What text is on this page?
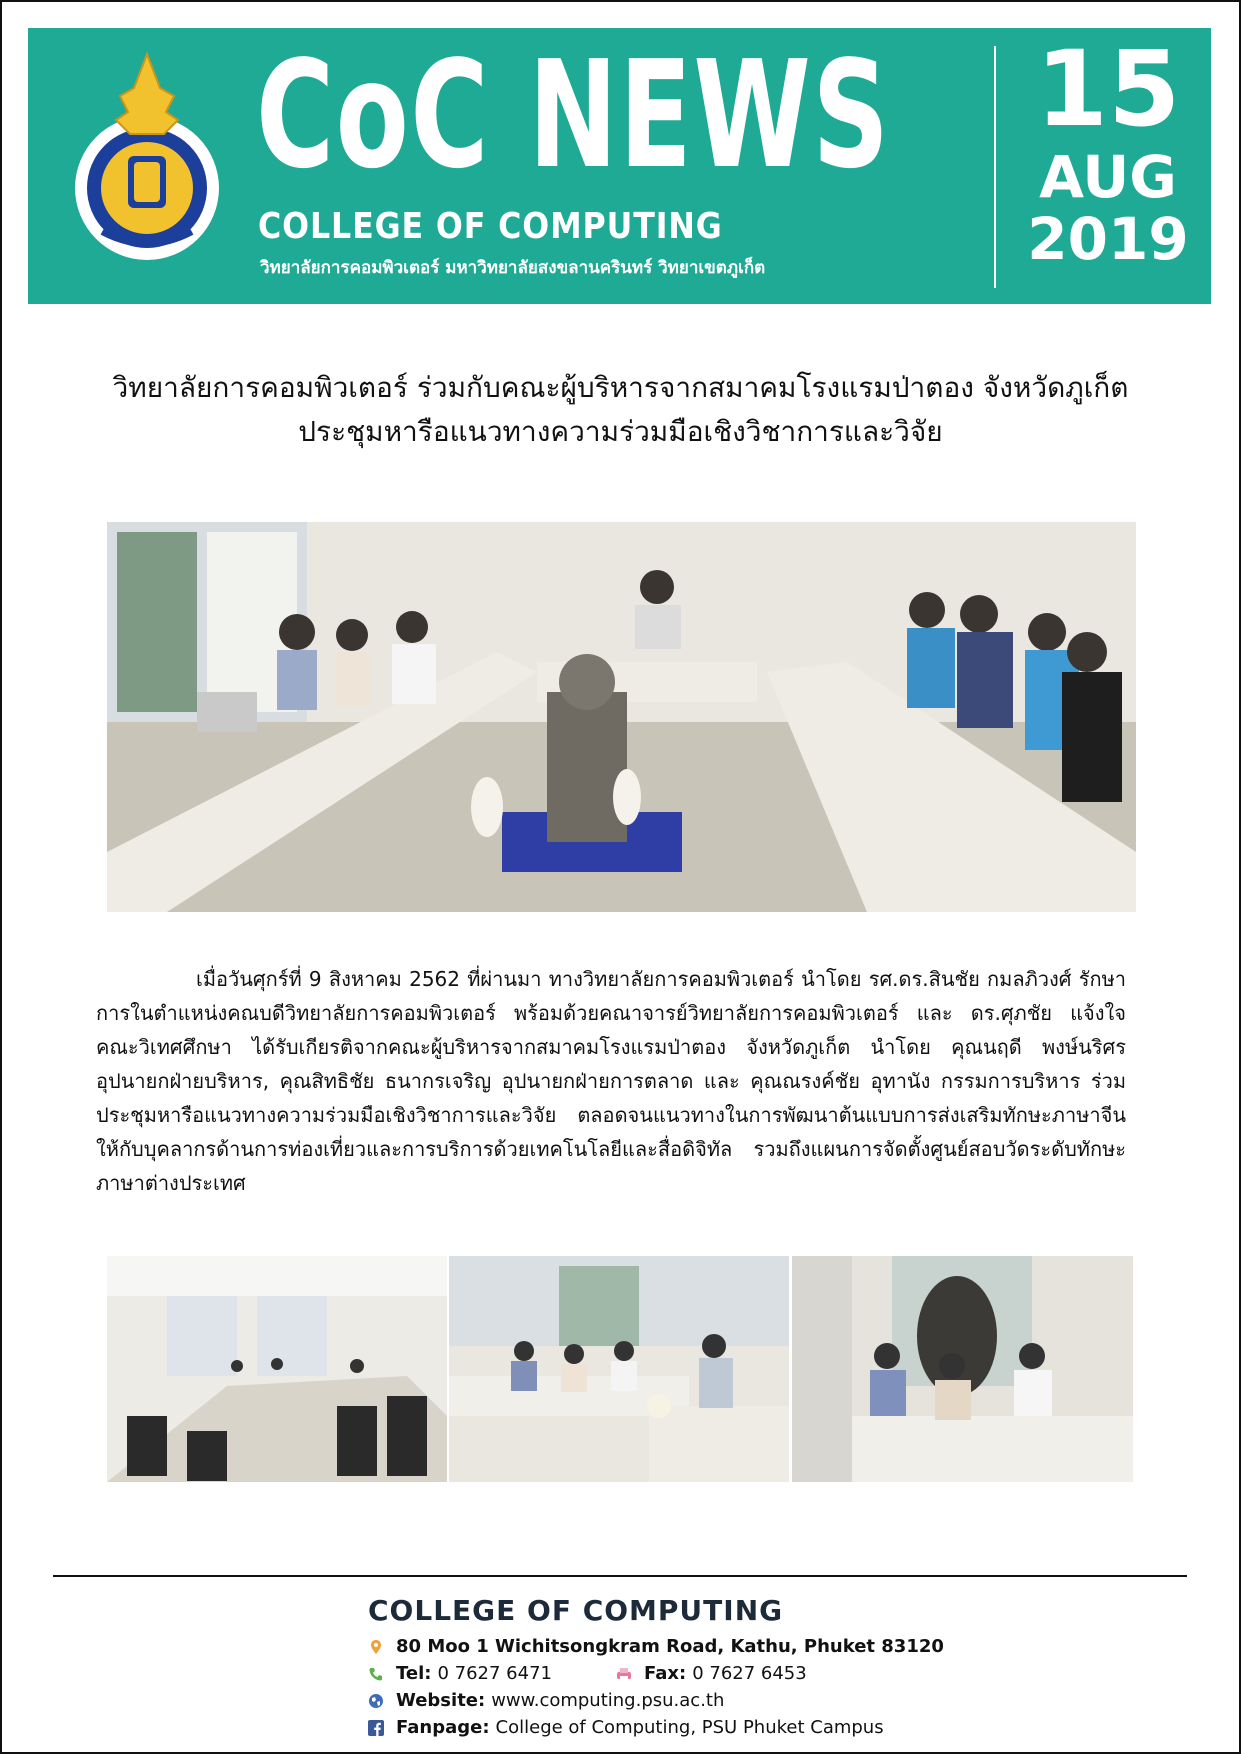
CoC NEWS
COLLEGE OF COMPUTING
วิทยาลัยการคอมพิวเตอร์ มหาวิทยาลัยสงขลานครินทร์ วิทยาเขตภูเก็ต
15
AUG
2019
วิทยาลัยการคอมพิวเตอร์ ร่วมกับคณะผู้บริหารจากสมาคมโรงแรมป่าตอง จังหวัดภูเก็ต
ประชุมหารือแนวทางความร่วมมือเชิงวิชาการและวิจัย
เมื่อวันศุกร์ที่ 9 สิงหาคม 2562 ที่ผ่านมา ทางวิทยาลัยการคอมพิวเตอร์ นำโดย รศ.ดร.สินชัย กมลภิวงศ์ รักษาการในตำแหน่งคณบดีวิทยาลัยการคอมพิวเตอร์ พร้อมด้วยคณาจารย์วิทยาลัยการคอมพิวเตอร์ และ ดร.ศุภชัย แจ้งใจ คณะวิเทศศึกษา ได้รับเกียรติจากคณะผู้บริหารจากสมาคมโรงแรมป่าตอง จังหวัดภูเก็ต นำโดย คุณนฤดี พงษ์นริศร อุปนายกฝ่ายบริหาร, คุณสิทธิชัย ธนากรเจริญ อุปนายกฝ่ายการตลาด และ คุณณรงค์ชัย อุทานัง กรรมการบริหาร ร่วมประชุมหารือแนวทางความร่วมมือเชิงวิชาการและวิจัย ตลอดจนแนวทางในการพัฒนาต้นแบบการส่งเสริมทักษะภาษาจีนให้กับบุคลากรด้านการท่องเที่ยวและการบริการด้วยเทคโนโลยีและสื่อดิจิทัล รวมถึงแผนการจัดตั้งศูนย์สอบวัดระดับทักษะภาษาต่างประเทศ
COLLEGE OF COMPUTING
80 Moo 1 Wichitsongkram Road, Kathu, Phuket 83120
Tel: 0 7627 6471	Fax: 0 7627 6453
Website: www.computing.psu.ac.th
Fanpage: College of Computing, PSU Phuket Campus
